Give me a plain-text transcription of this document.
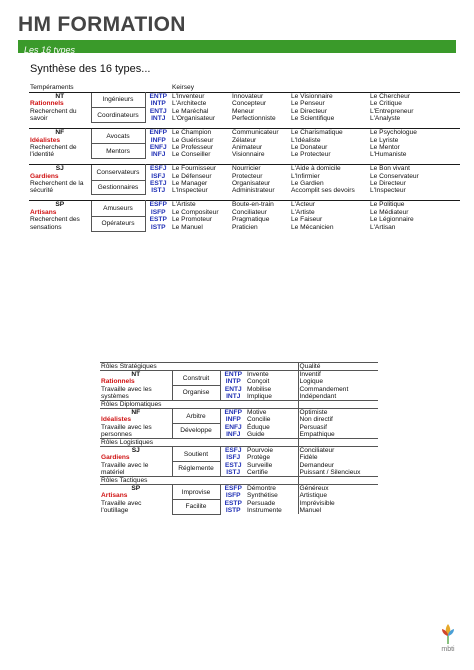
HM FORMATION
Les 16 types
Synthèse des 16 types...
Tempéraments			Keirsey			
NT	Ingénieurs	ENTP	L'Inventeur	Innovateur	Le Visionnaire	Le Chercheur
Rationnels		INTP	L'Architecte	Concepteur	Le Penseur	Le Critique
Recherchent du savoir	Coordinateurs	ENTJ	Le Maréchal	Meneur	Le Directeur	L'Entrepreneur
		INTJ	L'Organisateur	Perfectionniste	Le Scientifique	L'Analyste

NF	Avocats	ENFP	Le Champion	Communicateur	Le Charismatique	Le Psychologue
Idéalistes		INFP	Le Guérisseur	Zélateur	L'Idéaliste	Le Lyriste
Recherchent de l'identité	Mentors	ENFJ	Le Professeur	Animateur	Le Donateur	Le Mentor
		INFJ	Le Conseiller	Visionnaire	Le Protecteur	L'Humaniste

SJ	Conservateurs	ESFJ	Le Fournisseur	Nourricier	L'Aide à domicile	Le Bon vivant
Gardiens		ISFJ	Le Défenseur	Protecteur	L'Infirmier	Le Conservateur
Recherchent de la sécurité	Gestionnaires	ESTJ	Le Manager	Organisateur	Le Gardien	Le Directeur
		ISTJ	L'Inspecteur	Administrateur	Accomplit ses devoirs	L'Inspecteur

SP	Amuseurs	ESFP	L'Artiste	Boute-en-train	L'Acteur	Le Politique
Artisans		ISFP	Le Compositeur	Conciliateur	L'Artiste	Le Médiateur
Recherchent des sensations	Opérateurs	ESTP	Le Promoteur	Pragmatique	Le Faiseur	Le Légionnaire
		ISTP	Le Manuel	Praticien	Le Mécanicien	L'Artisan
Rôles Stratégiques				Qualité
NT	Construit	ENTP	Invente	Inventif
Rationnels		INTP	Conçoit	Logique
Travaille avec les systèmes	Organise	ENTJ	Mobilise	Commandement
		INTJ	Implique	Indépendant
Rôles Diplomatiques				
NF	Arbitre	ENFP	Motive	Optimiste
Idéalistes		INFP	Concilie	Non directif
Travaille avec les personnes	Développe	ENFJ	Éduque	Persuasif
		INFJ	Guide	Empathique
Rôles Logistiques				
SJ	Soutient	ESFJ	Pourvoie	Conciliateur
Gardiens		ISFJ	Protège	Fidèle
Travaille avec le matériel	Réglemente	ESTJ	Surveille	Demandeur
		ISTJ	Certifie	Puissant / Silencieux
Rôles Tactiques				
SP	Improvise	ESFP	Démontre	Généreux
Artisans		ISFP	Synthétise	Artistique
Travaille avec l'outillage	Facilite	ESTP	Persuade	Imprévisible
		ISTP	Instrumente	Manuel
mbti
